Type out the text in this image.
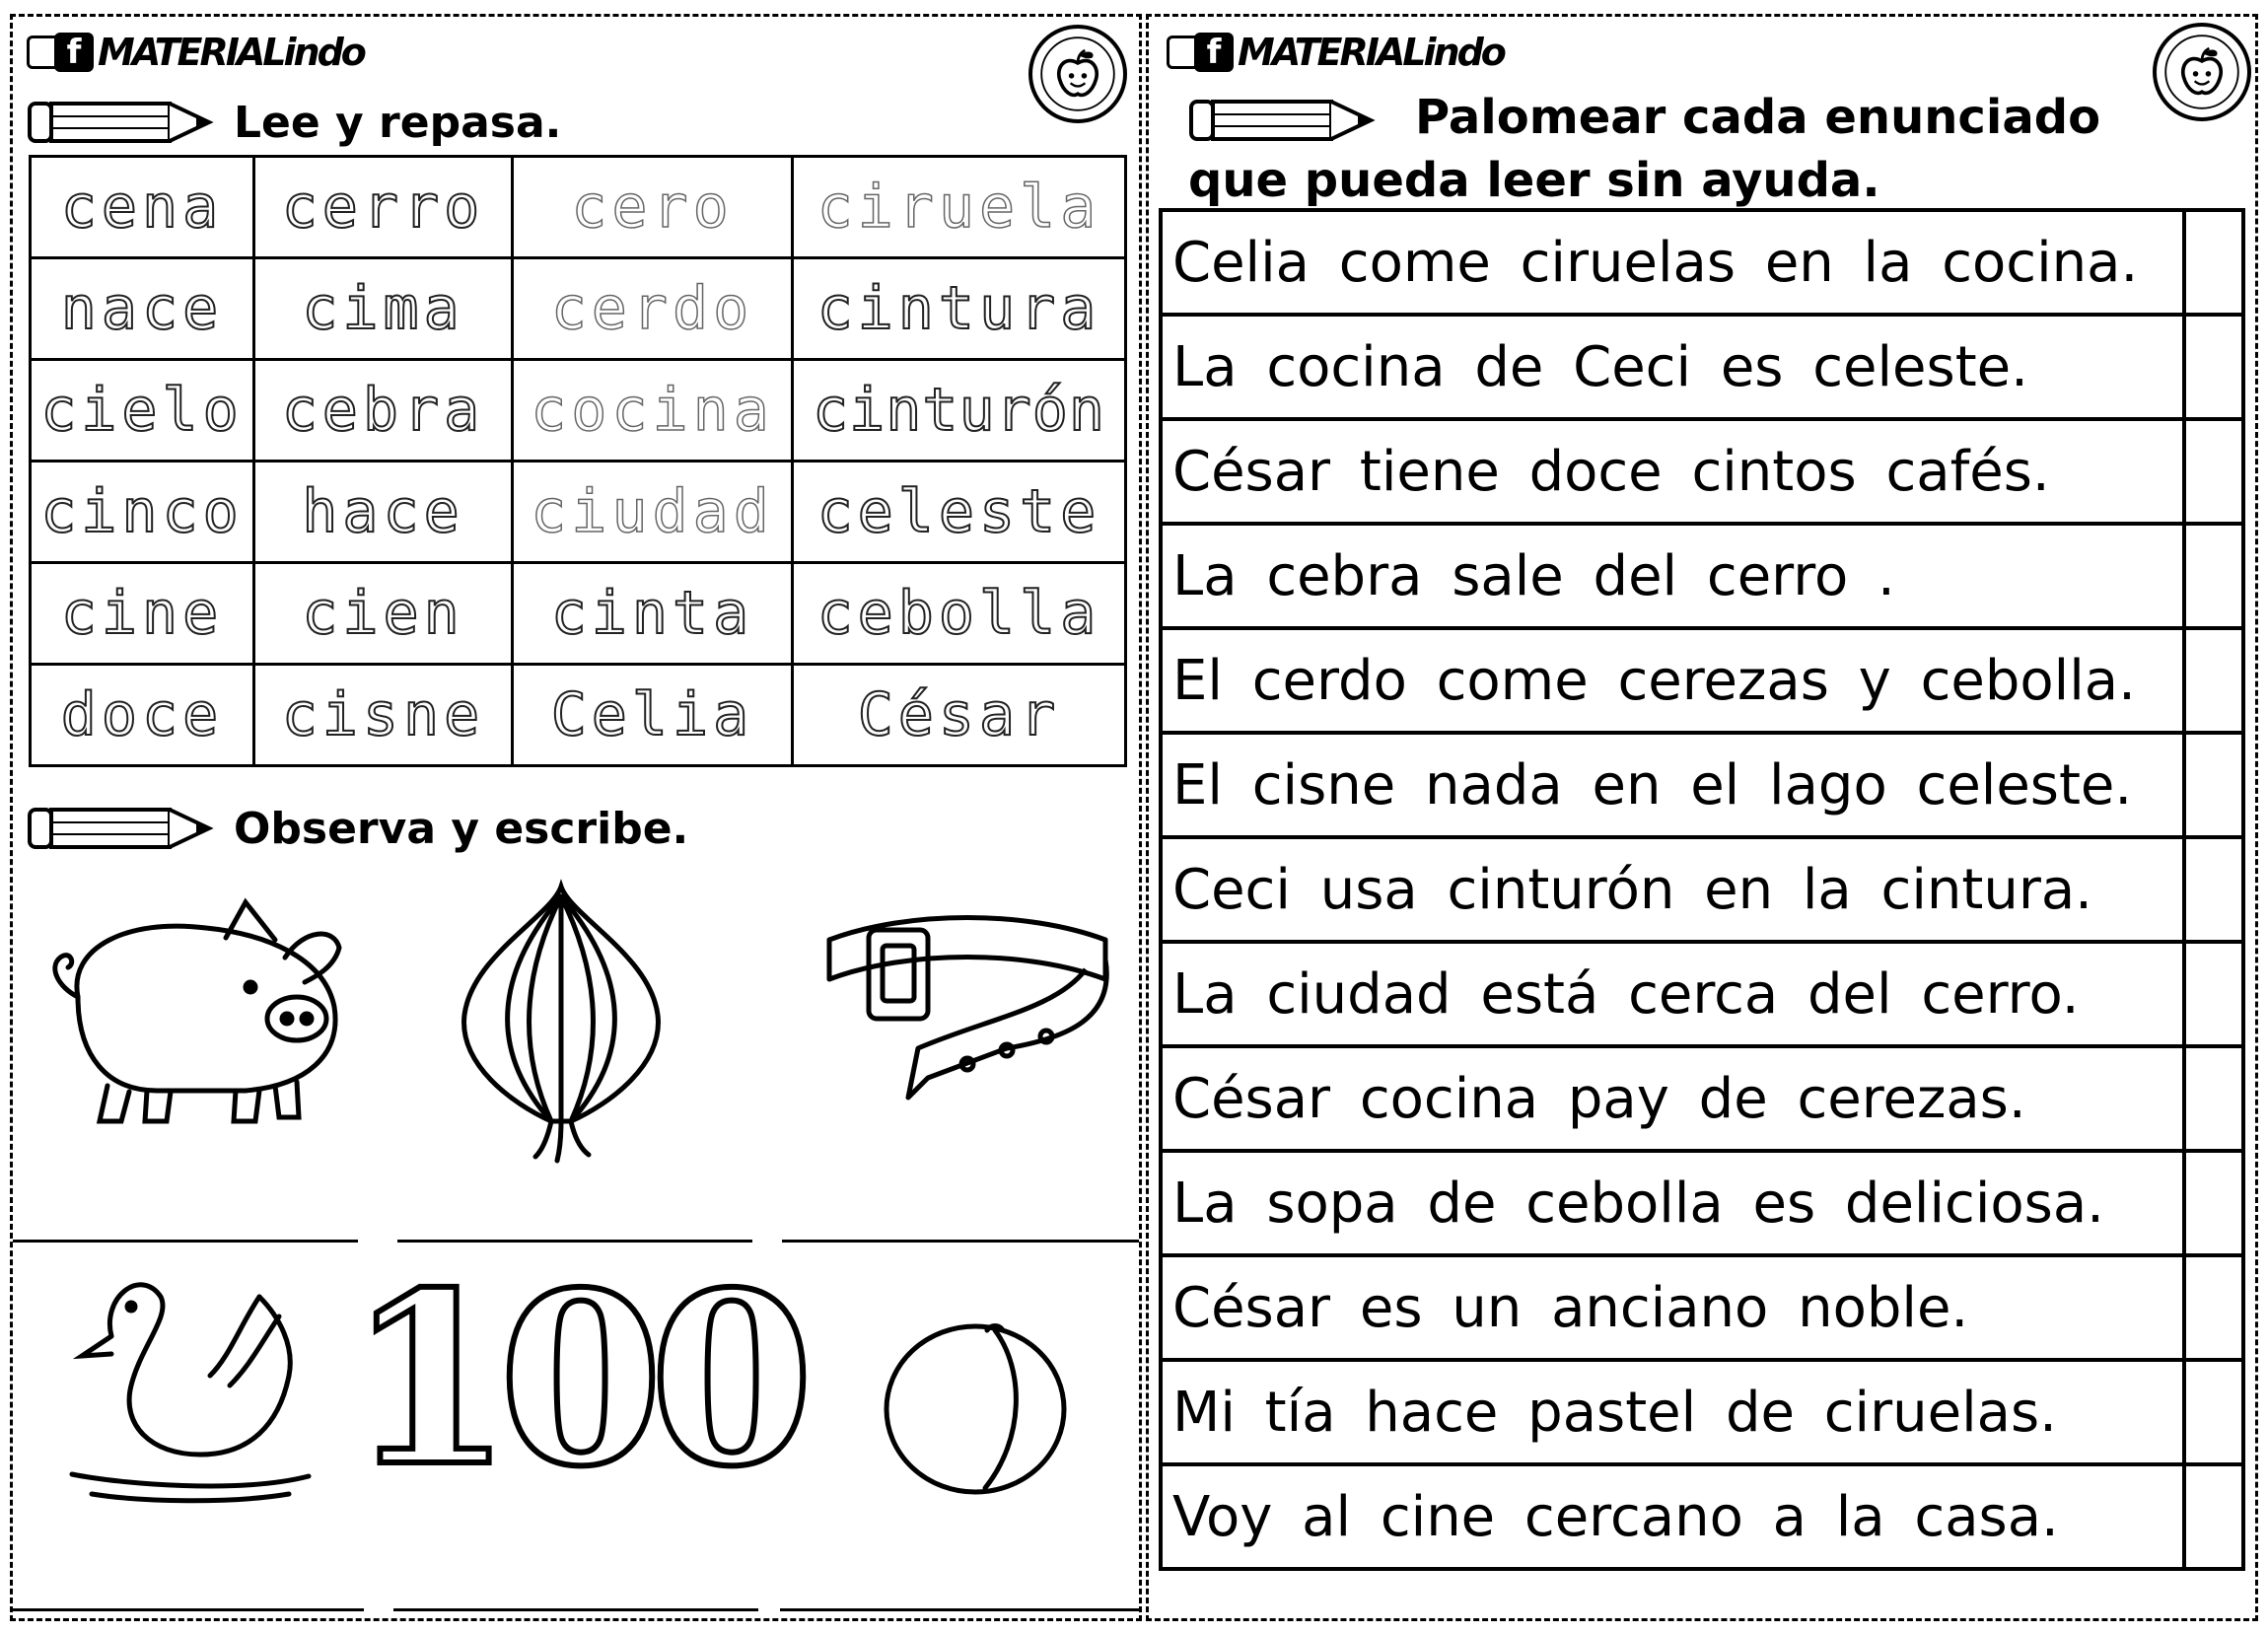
f MATERIALindo
Lee y repasa.
cena	cerro	cero	ciruela
nace	cima	cerdo	cintura
cielo	cebra	cocina	cinturón
cinco	hace	ciudad	celeste
cine	cien	cinta	cebolla
doce	cisne	Celia	César
Observa y escribe.
100
f MATERIALindo
Palomear cada enunciado que pueda leer sin ayuda.
Celia come ciruelas en la cocina.	
La cocina de Ceci es celeste.	
César tiene doce cintos cafés.	
La cebra sale del cerro .	
El cerdo come cerezas y cebolla.	
El cisne nada en el lago celeste.	
Ceci usa cinturón en la cintura.	
La ciudad está cerca del cerro.	
César cocina pay de cerezas.	
La sopa de cebolla es deliciosa.	
César es un anciano noble.	
Mi tía hace pastel de ciruelas.	
Voy al cine cercano a la casa.	
